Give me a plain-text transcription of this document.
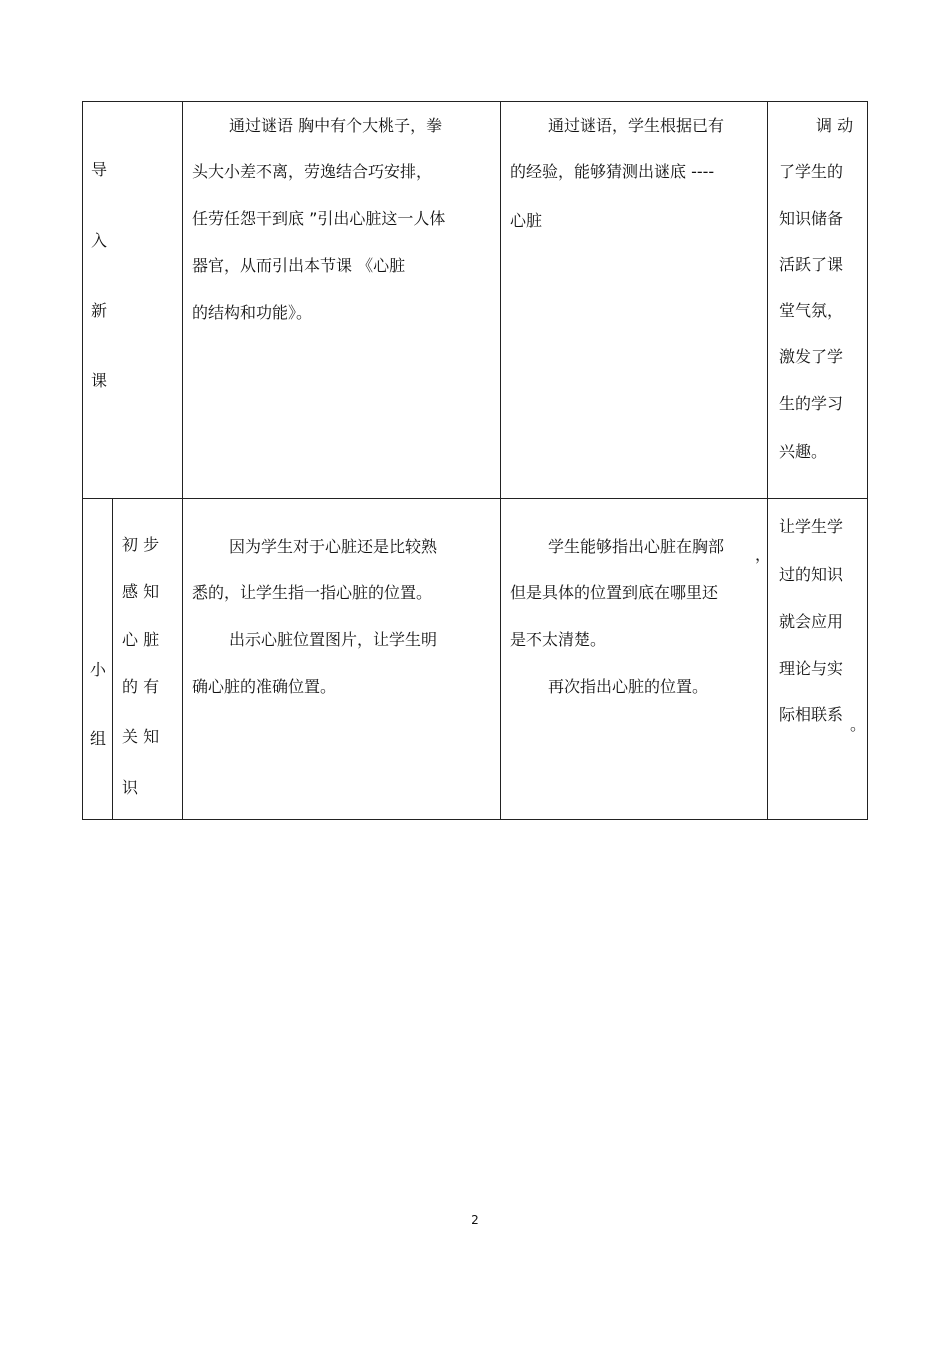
导
入
新
课
通过谜语 胸中有个大桃子，拳
头大小差不离，劳逸结合巧安排，
任劳任怨干到底 ”引出心脏这一人体
器官，从而引出本节课 《心脏
的结构和功能》。
通过谜语，学生根据已有
的经验，能够猜测出谜底 ----
心脏
调 动
了学生的
知识储备
活跃了课
堂气氛，
激发了学
生的学习
兴趣。
小
组
初 步
感 知
心 脏
的 有
关 知
识
因为学生对于心脏还是比较熟
悉的，让学生指一指心脏的位置。
出示心脏位置图片，让学生明
确心脏的准确位置。
学生能够指出心脏在胸部 ，
但是具体的位置到底在哪里还
是不太清楚。
再次指出心脏的位置。
让学生学
过的知识
就会应用
理论与实
际相联系
。
2
